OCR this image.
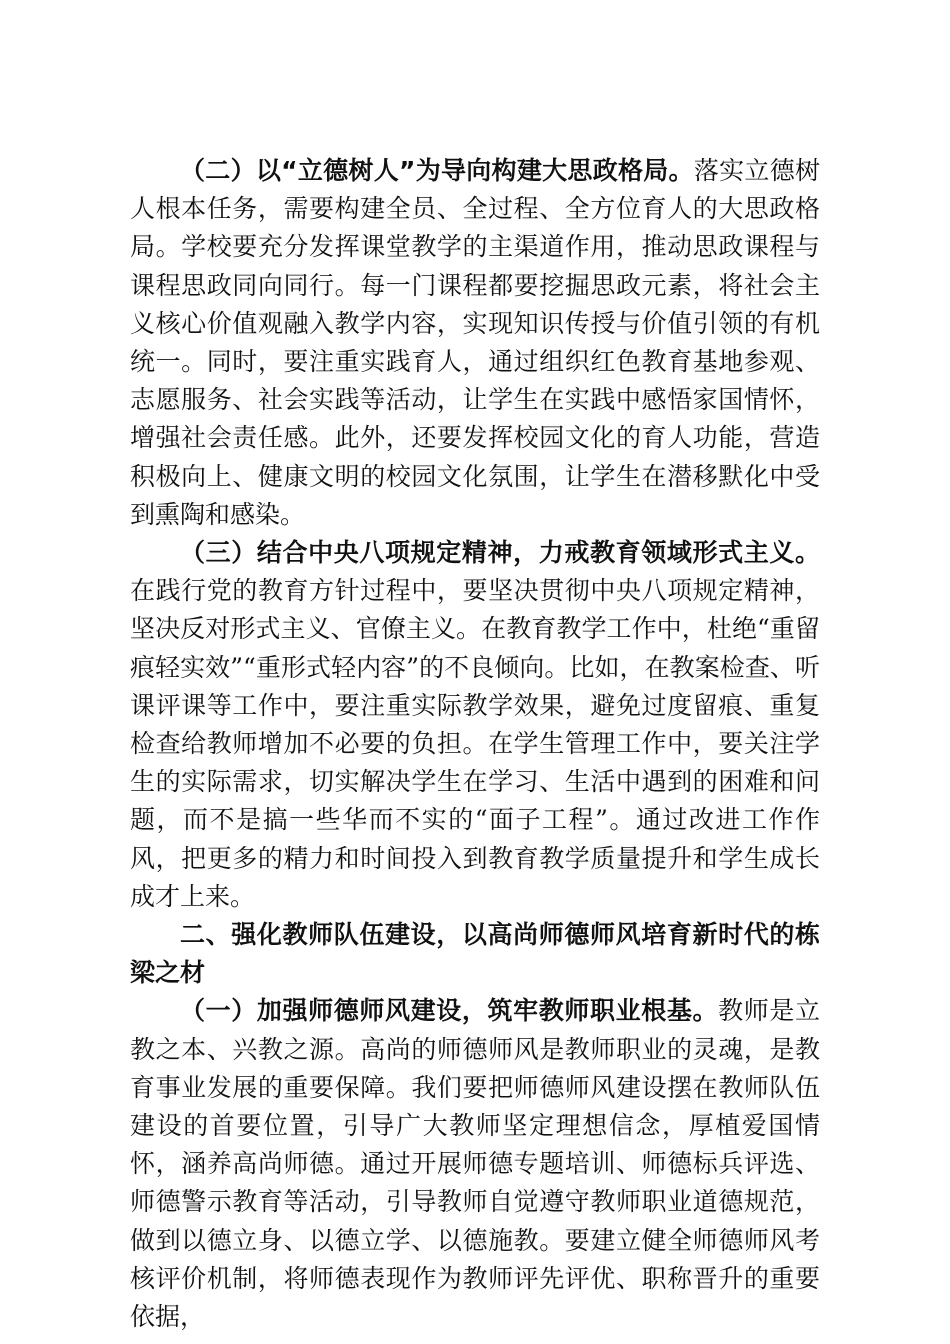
（二）以“立德树人”为导向构建大思政格局。落实立德树人根本任务，需要构建全员、全过程、全方位育人的大思政格局。学校要充分发挥课堂教学的主渠道作用，推动思政课程与课程思政同向同行。每一门课程都要挖掘思政元素，将社会主义核心价值观融入教学内容，实现知识传授与价值引领的有机统一。同时，要注重实践育人，通过组织红色教育基地参观、志愿服务、社会实践等活动，让学生在实践中感悟家国情怀，增强社会责任感。此外，还要发挥校园文化的育人功能，营造积极向上、健康文明的校园文化氛围，让学生在潜移默化中受到熏陶和感染。

（三）结合中央八项规定精神，力戒教育领域形式主义。在践行党的教育方针过程中，要坚决贯彻中央八项规定精神，坚决反对形式主义、官僚主义。在教育教学工作中，杜绝“重留痕轻实效”“重形式轻内容”的不良倾向。比如，在教案检查、听课评课等工作中，要注重实际教学效果，避免过度留痕、重复检查给教师增加不必要的负担。在学生管理工作中，要关注学生的实际需求，切实解决学生在学习、生活中遇到的困难和问题，而不是搞一些华而不实的“面子工程”。通过改进工作作风，把更多的精力和时间投入到教育教学质量提升和学生成长成才上来。

二、强化教师队伍建设，以高尚师德师风培育新时代的栋梁之材

（一）加强师德师风建设，筑牢教师职业根基。教师是立教之本、兴教之源。高尚的师德师风是教师职业的灵魂，是教育事业发展的重要保障。我们要把师德师风建设摆在教师队伍建设的首要位置，引导广大教师坚定理想信念，厚植爱国情怀，涵养高尚师德。通过开展师德专题培训、师德标兵评选、师德警示教育等活动，引导教师自觉遵守教师职业道德规范，做到以德立身、以德立学、以德施教。要建立健全师德师风考核评价机制，将师德表现作为教师评先评优、职称晋升的重要依据，
